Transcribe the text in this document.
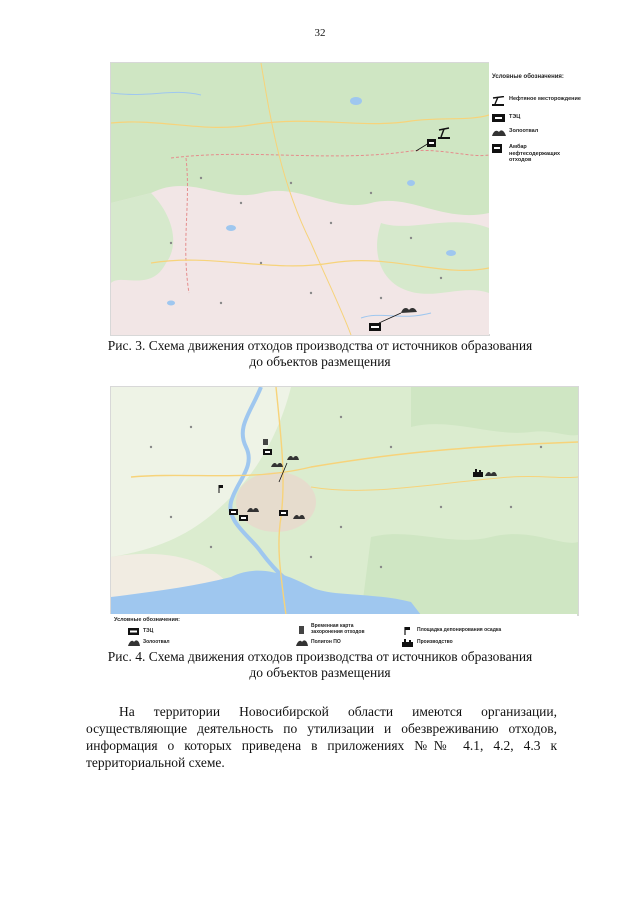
32
Условные обозначения:
Нефтяное месторождение
ТЭЦ
Золоотвал
Амбар нефтесодержащих отходов
Рис. 3. Схема движения отходов производства от источников образования
до объектов размещения
Условные обозначения:
ТЭЦ
Золоотвал
Временная карта захоронения отходов
Полигон ПО
Площадка депонирования осадка
Производство
Рис. 4. Схема движения отходов производства от источников образования
до объектов размещения
На территории Новосибирской области имеются организации, осуществляющие деятельность по утилизации и обезвреживанию отходов, информация о которых приведена в приложениях №№ 4.1, 4.2, 4.3 к территориальной схеме.
